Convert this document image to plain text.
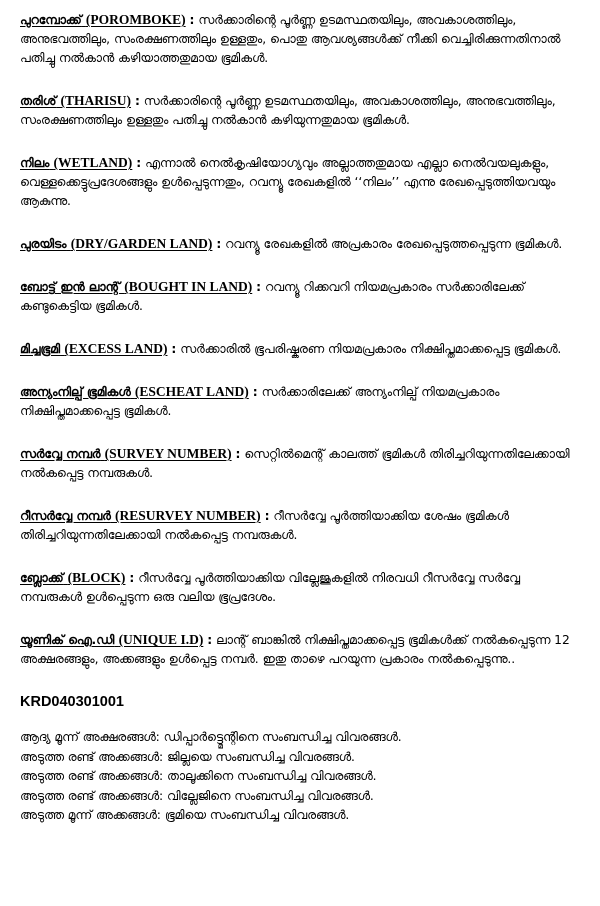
പുറമ്പോക്ക് (POROMBOKE) : സർക്കാരിന്റെ പൂർണ്ണ ഉടമസ്ഥതയിലും, അവകാശത്തിലും, അനുഭവത്തിലും, സംരക്ഷണത്തിലും ഉള്ളതും, പൊതു ആവശ്യങ്ങൾക്ക് നീക്കി വെച്ചിരിക്കുന്നതിനാൽ പതിച്ചു നൽകാൻ കഴിയാത്തതുമായ ഭൂമികൾ.

തരിശ് (THARISU) : സർക്കാരിന്റെ പൂർണ്ണ ഉടമസ്ഥതയിലും, അവകാശത്തിലും, അനുഭവത്തിലും, സംരക്ഷണത്തിലും ഉള്ളതും പതിച്ചു നൽകാൻ കഴിയുന്നതുമായ ഭൂമികൾ.

നിലം (WETLAND) : എന്നാൽ നെൽകൃഷിയോഗ്യവും അല്ലാത്തതുമായ എല്ലാ നെൽവയലുകളും, വെള്ളക്കെട്ടുപ്രദേശങ്ങളും ഉൾപ്പെടുന്നതും, റവന്യൂ രേഖകളിൽ ‘‘നിലം’’ എന്നു രേഖപ്പെടുത്തിയവയും ആകുന്നു.

പുരയിടം (DRY/GARDEN LAND) : റവന്യൂ രേഖകളിൽ അപ്രകാരം രേഖപ്പെടുത്തപ്പെടുന്ന ഭൂമികൾ.

ബോട്ട് ഇൻ ലാന്റ് (BOUGHT IN LAND) : റവന്യൂ റിക്കവറി നിയമപ്രകാരം സർക്കാരിലേക്ക് കണ്ടുകെട്ടിയ ഭൂമികൾ.

മിച്ചഭൂമി (EXCESS LAND) : സർക്കാരിൽ ഭൂപരിഷ്കരണ നിയമപ്രകാരം നിക്ഷിപ്തമാക്കപ്പെട്ട ഭൂമികൾ.

അന്യംനില്പ് ഭൂമികൾ (ESCHEAT LAND) : സർക്കാരിലേക്ക് അന്യംനില്പ് നിയമപ്രകാരം നിക്ഷിപ്തമാക്കപ്പെട്ട ഭൂമികൾ.

സർവ്വേ നമ്പർ (SURVEY NUMBER) : സെറ്റിൽമെന്റ് കാലത്ത് ഭൂമികൾ തിരിച്ചറിയുന്നതിലേക്കായി നൽകപ്പെട്ട നമ്പരുകൾ.

റീസർവ്വേ നമ്പർ (RESURVEY NUMBER) : റീസർവ്വേ പൂർത്തിയാക്കിയ ശേഷം ഭൂമികൾ തിരിച്ചറിയുന്നതിലേക്കായി നൽകപ്പെട്ട നമ്പരുകൾ.

ബ്ലോക്ക് (BLOCK) : റീസർവ്വേ പൂർത്തിയാക്കിയ വില്ലേജുകളിൽ നിരവധി റീസർവ്വേ സർവ്വേ നമ്പരുകൾ ഉൾപ്പെടുന്ന ഒരു വലിയ ഭൂപ്രദേശം.

യൂണിക് ഐ.ഡി (UNIQUE I.D) : ലാന്റ് ബാങ്കിൽ നിക്ഷിപ്തമാക്കപ്പെട്ട ഭൂമികൾക്ക് നൽകപ്പെടുന്ന 12 അക്ഷരങ്ങളും, അക്കങ്ങളും ഉൾപ്പെട്ട നമ്പർ. ഇതു താഴെ പറയുന്ന പ്രകാരം നൽകപ്പെടുന്നു..

KRD040301001
ആദ്യ മൂന്ന് അക്ഷരങ്ങൾ: ഡിപ്പാർട്ട്മെന്റിനെ സംബന്ധിച്ച വിവരങ്ങൾ.
അടുത്ത രണ്ട് അക്കങ്ങൾ: ജില്ലയെ സംബന്ധിച്ച വിവരങ്ങൾ.
അടുത്ത രണ്ട് അക്കങ്ങൾ: താലൂക്കിനെ സംബന്ധിച്ച വിവരങ്ങൾ.
അടുത്ത രണ്ട് അക്കങ്ങൾ: വില്ലേജിനെ സംബന്ധിച്ച വിവരങ്ങൾ.
അടുത്ത മൂന്ന് അക്കങ്ങൾ: ഭൂമിയെ സംബന്ധിച്ച വിവരങ്ങൾ.
